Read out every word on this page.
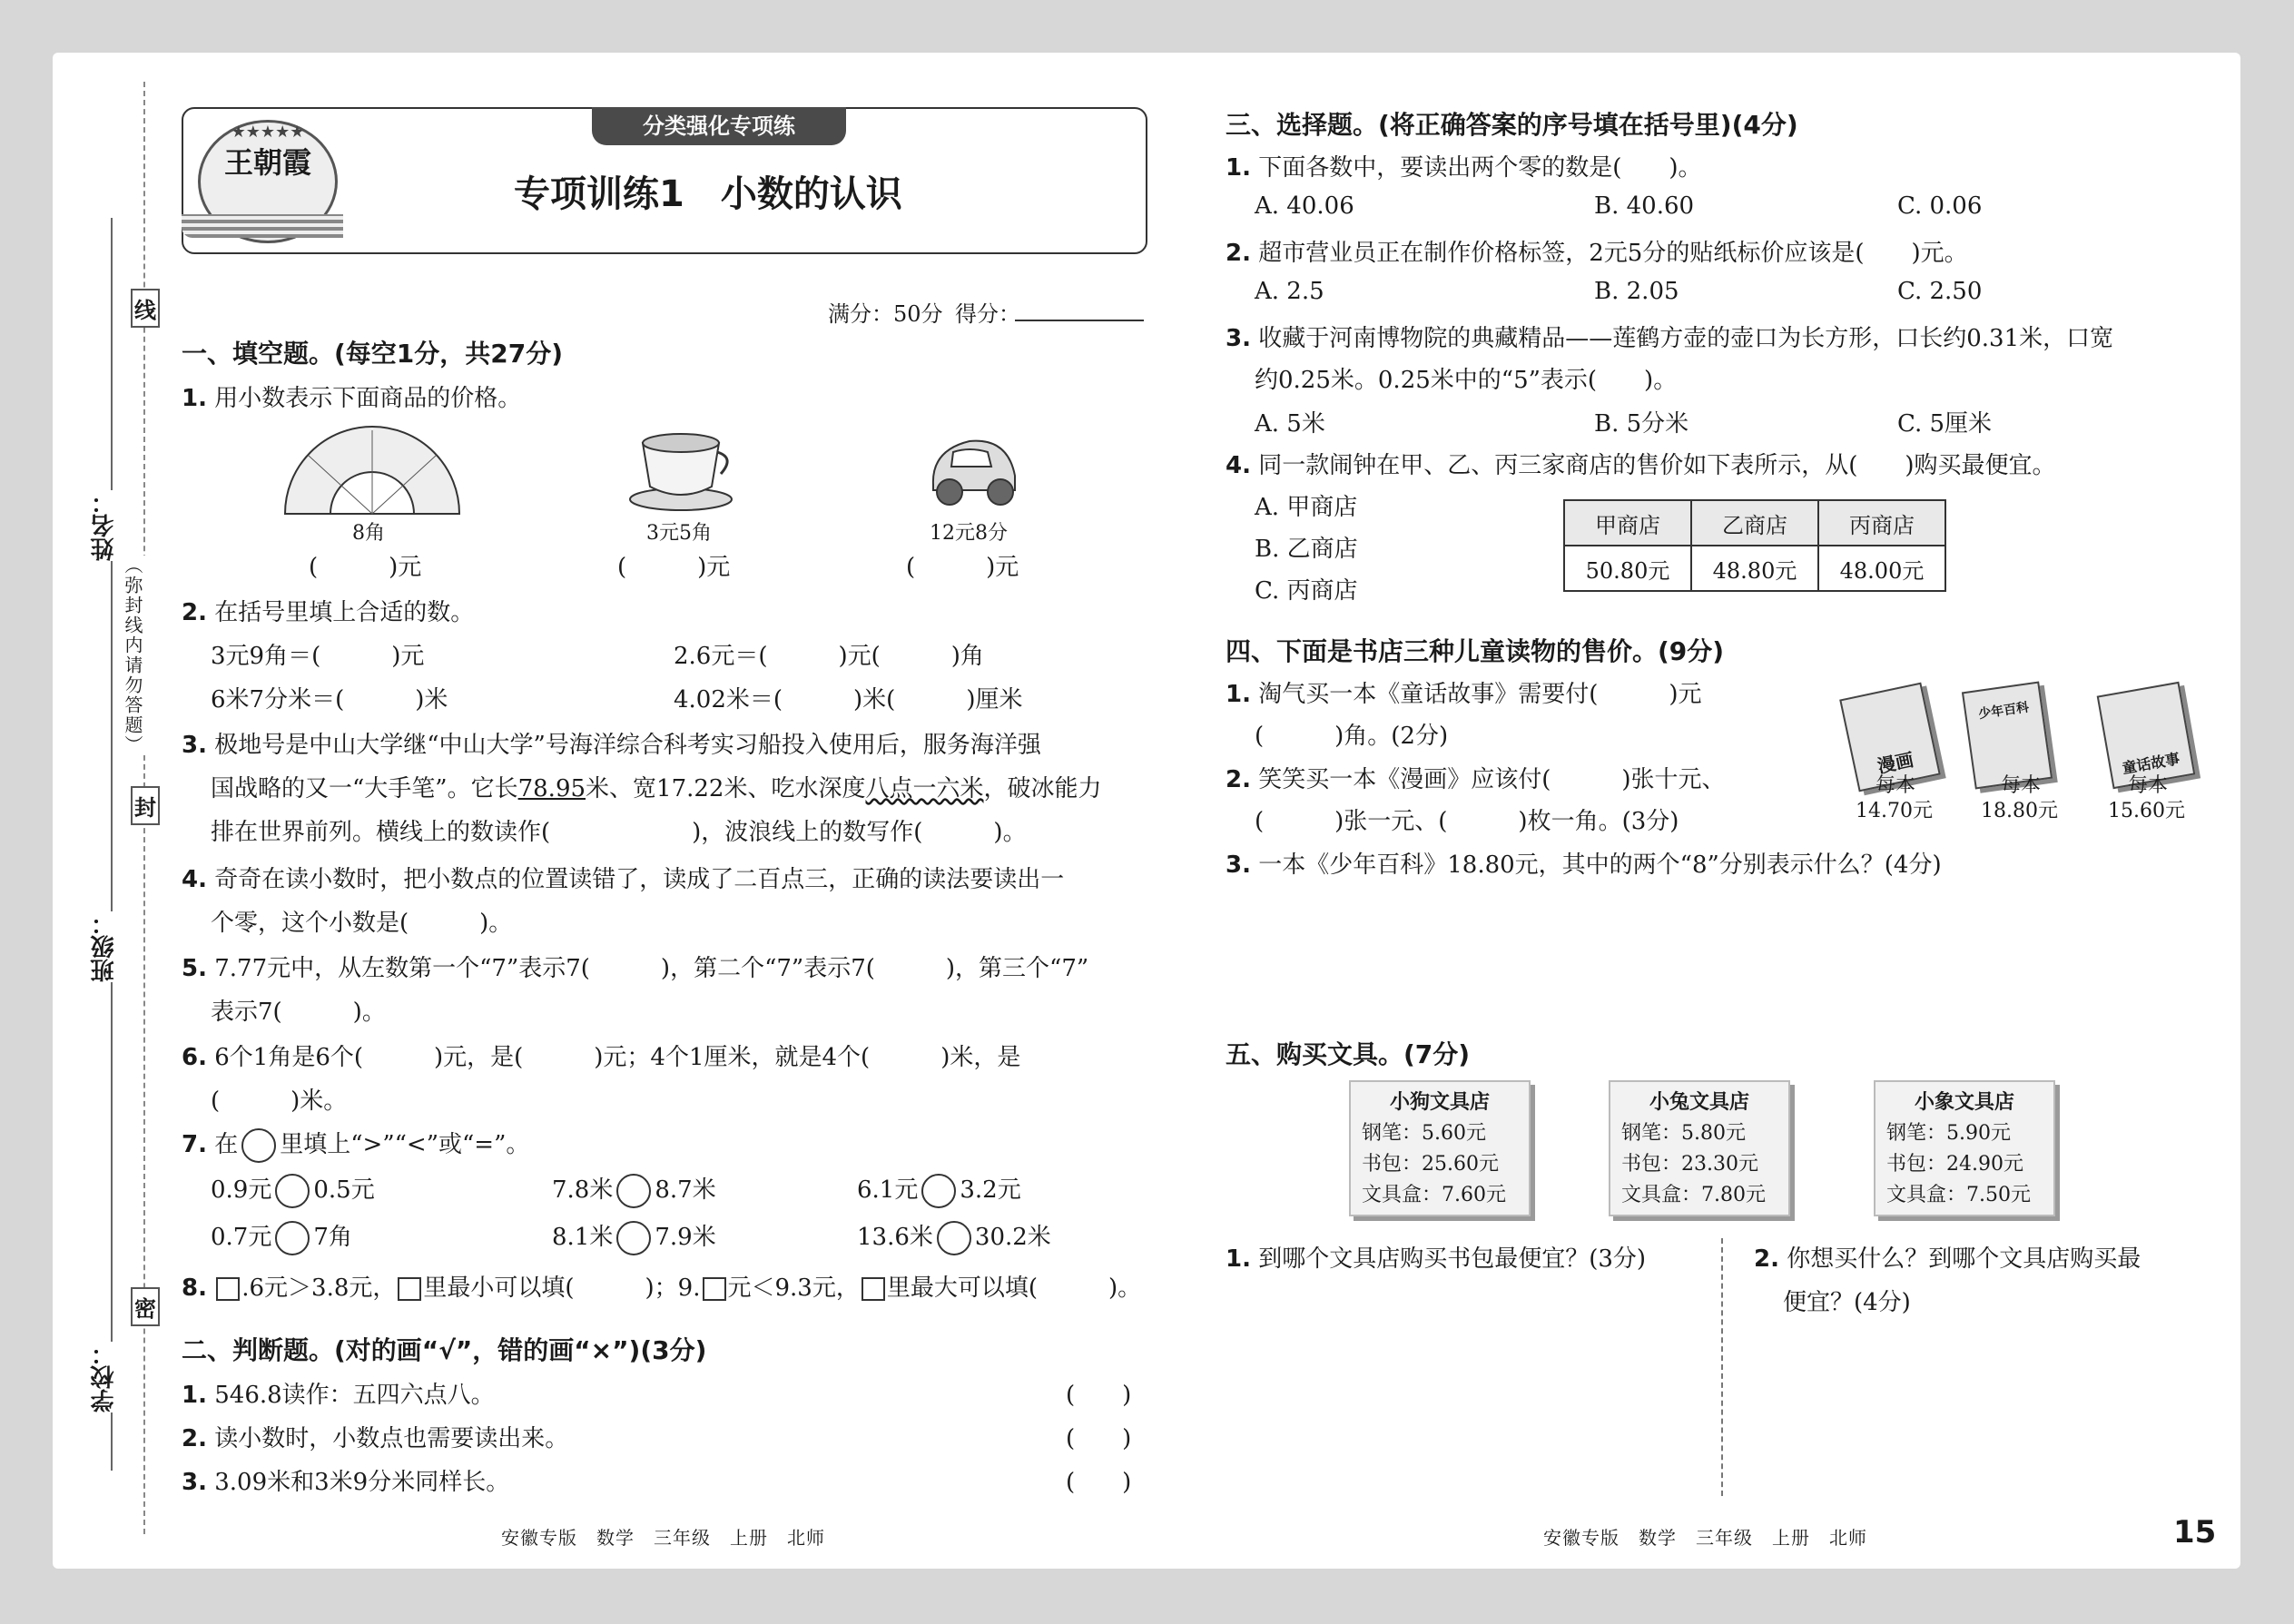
线
封
密
（弥封线内请勿答题）
姓名：
班级：
学校：
分类强化专项练
★★★★★
王朝霞
专项训练1　小数的认识
满分：50分 得分：
一、填空题。(每空1分，共27分)
1. 用小数表示下面商品的价格。
8角	3元5角	12元8分
(　　　)元	(　　　)元	(　　　)元
2. 在括号里填上合适的数。
3元9角＝(　　　)元	2.6元＝(　　　)元(　　　)角
6米7分米＝(　　　)米	4.02米＝(　　　)米(　　　)厘米
3. 极地号是中山大学继“中山大学”号海洋综合科考实习船投入使用后，服务海洋强
国战略的又一“大手笔”。它长78.95米、宽17.22米、吃水深度八点一六米，破冰能力
排在世界前列。横线上的数读作(　　　　　　)，波浪线上的数写作(　　　)。
4. 奇奇在读小数时，把小数点的位置读错了，读成了二百点三，正确的读法要读出一
个零，这个小数是(　　　)。
5. 7.77元中，从左数第一个“7”表示7(　　　)，第二个“7”表示7(　　　)，第三个“7”
表示7(　　　)。
6. 6个1角是6个(　　　)元，是(　　　)元；4个1厘米，就是4个(　　　)米，是
(　　　)米。
7. 在 里填上“>”“<”或“=”。
0.9元 0.5元	7.8米 8.7米	6.1元 3.2元
0.7元 7角	8.1米 7.9米	13.6米 30.2米
8. .6元＞3.8元， 里最小可以填(　　　)；9. 元＜9.3元， 里最大可以填(　　　)。
二、判断题。(对的画“√”，错的画“×”)(3分)
1. 546.8读作：五四六点八。	(　　)
2. 读小数时，小数点也需要读出来。	(　　)
3. 3.09米和3米9分米同样长。	(　　)
安徽专版　数学　三年级　上册　北师
三、选择题。(将正确答案的序号填在括号里)(4分)
1. 下面各数中，要读出两个零的数是(　　)。
A. 40.06	B. 40.60	C. 0.06
2. 超市营业员正在制作价格标签，2元5分的贴纸标价应该是(　　)元。
A. 2.5	B. 2.05	C. 2.50
3. 收藏于河南博物院的典藏精品——莲鹤方壶的壶口为长方形，口长约0.31米，口宽
约0.25米。0.25米中的“5”表示(　　)。
A. 5米	B. 5分米	C. 5厘米
4. 同一款闹钟在甲、乙、丙三家商店的售价如下表所示，从(　　)购买最便宜。
A. 甲商店
B. 乙商店
C. 丙商店
甲商店	乙商店	丙商店
50.80元	48.80元	48.00元
四、下面是书店三种儿童读物的售价。(9分)
1. 淘气买一本《童话故事》需要付(　　　)元
(　　　)角。(2分)
2. 笑笑买一本《漫画》应该付(　　　)张十元、
(　　　)张一元、(　　　)枚一角。(3分)
3. 一本《少年百科》18.80元，其中的两个“8”分别表示什么？(4分)
漫画
少年百科
童话故事
每本
14.70元
每本
18.80元
每本
15.60元
五、购买文具。(7分)
小狗文具店
钢笔：5.60元
书包：25.60元
文具盒：7.60元
小兔文具店
钢笔：5.80元
书包：23.30元
文具盒：7.80元
小象文具店
钢笔：5.90元
书包：24.90元
文具盒：7.50元
1. 到哪个文具店购买书包最便宜？(3分)	2. 你想买什么？到哪个文具店购买最
便宜？(4分)
安徽专版　数学　三年级　上册　北师	15
